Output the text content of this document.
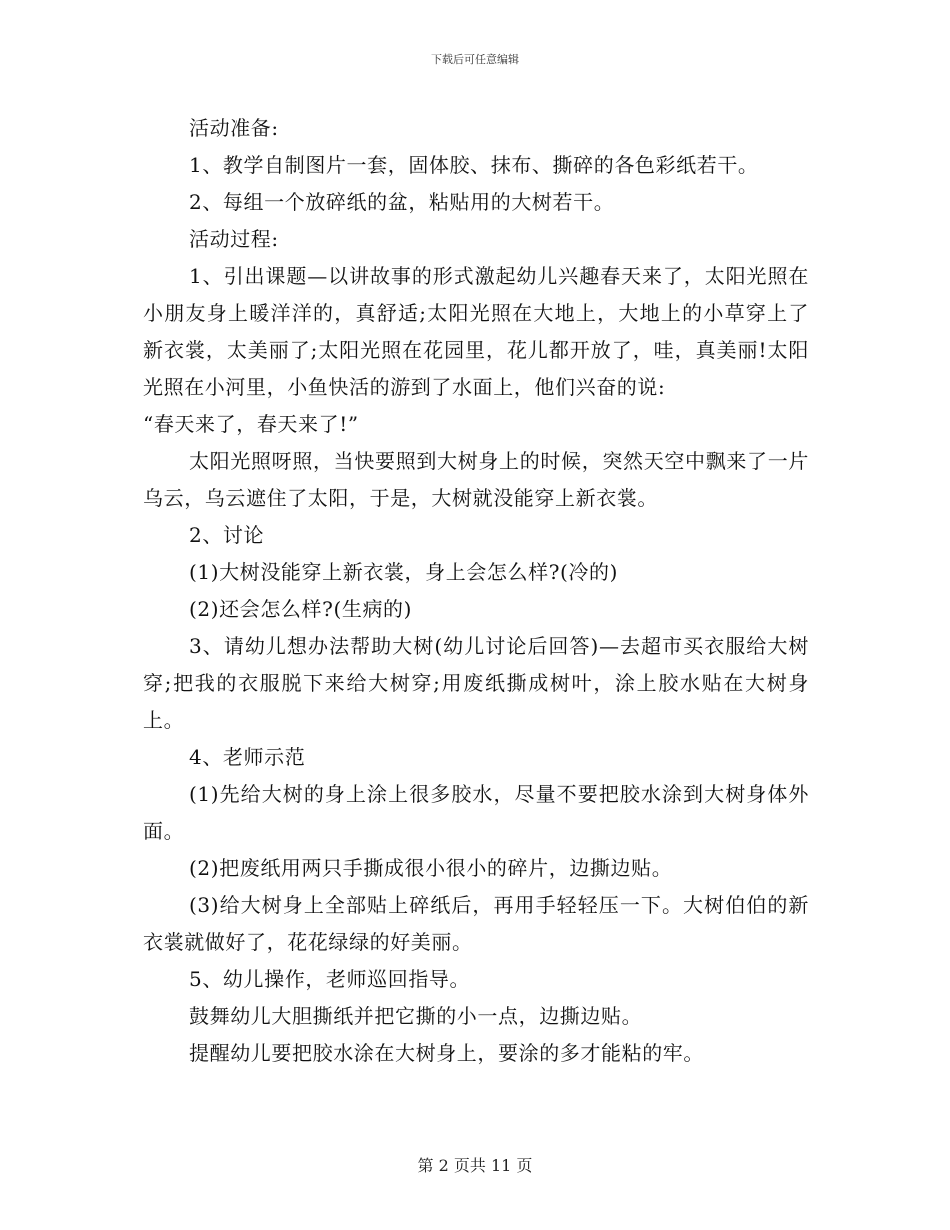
下载后可任意编辑

活动准备:

1、教学自制图片一套，固体胶、抹布、撕碎的各色彩纸若干。

2、每组一个放碎纸的盆，粘贴用的大树若干。

活动过程:

1、引出课题—以讲故事的形式激起幼儿兴趣春天来了，太阳光照在小朋友身上暖洋洋的，真舒适;太阳光照在大地上，大地上的小草穿上了新衣裳，太美丽了;太阳光照在花园里，花儿都开放了，哇，真美丽!太阳光照在小河里，小鱼快活的游到了水面上，他们兴奋的说:

“春天来了，春天来了!”

太阳光照呀照，当快要照到大树身上的时候，突然天空中飘来了一片乌云，乌云遮住了太阳，于是，大树就没能穿上新衣裳。

2、讨论

(1)大树没能穿上新衣裳，身上会怎么样?(冷的)

(2)还会怎么样?(生病的)

3、请幼儿想办法帮助大树(幼儿讨论后回答)—去超市买衣服给大树穿;把我的衣服脱下来给大树穿;用废纸撕成树叶，涂上胶水贴在大树身上。

4、老师示范

(1)先给大树的身上涂上很多胶水，尽量不要把胶水涂到大树身体外面。

(2)把废纸用两只手撕成很小很小的碎片，边撕边贴。

(3)给大树身上全部贴上碎纸后，再用手轻轻压一下。大树伯伯的新衣裳就做好了，花花绿绿的好美丽。

5、幼儿操作，老师巡回指导。

鼓舞幼儿大胆撕纸并把它撕的小一点，边撕边贴。

提醒幼儿要把胶水涂在大树身上，要涂的多才能粘的牢。

第 2 页共 11 页
